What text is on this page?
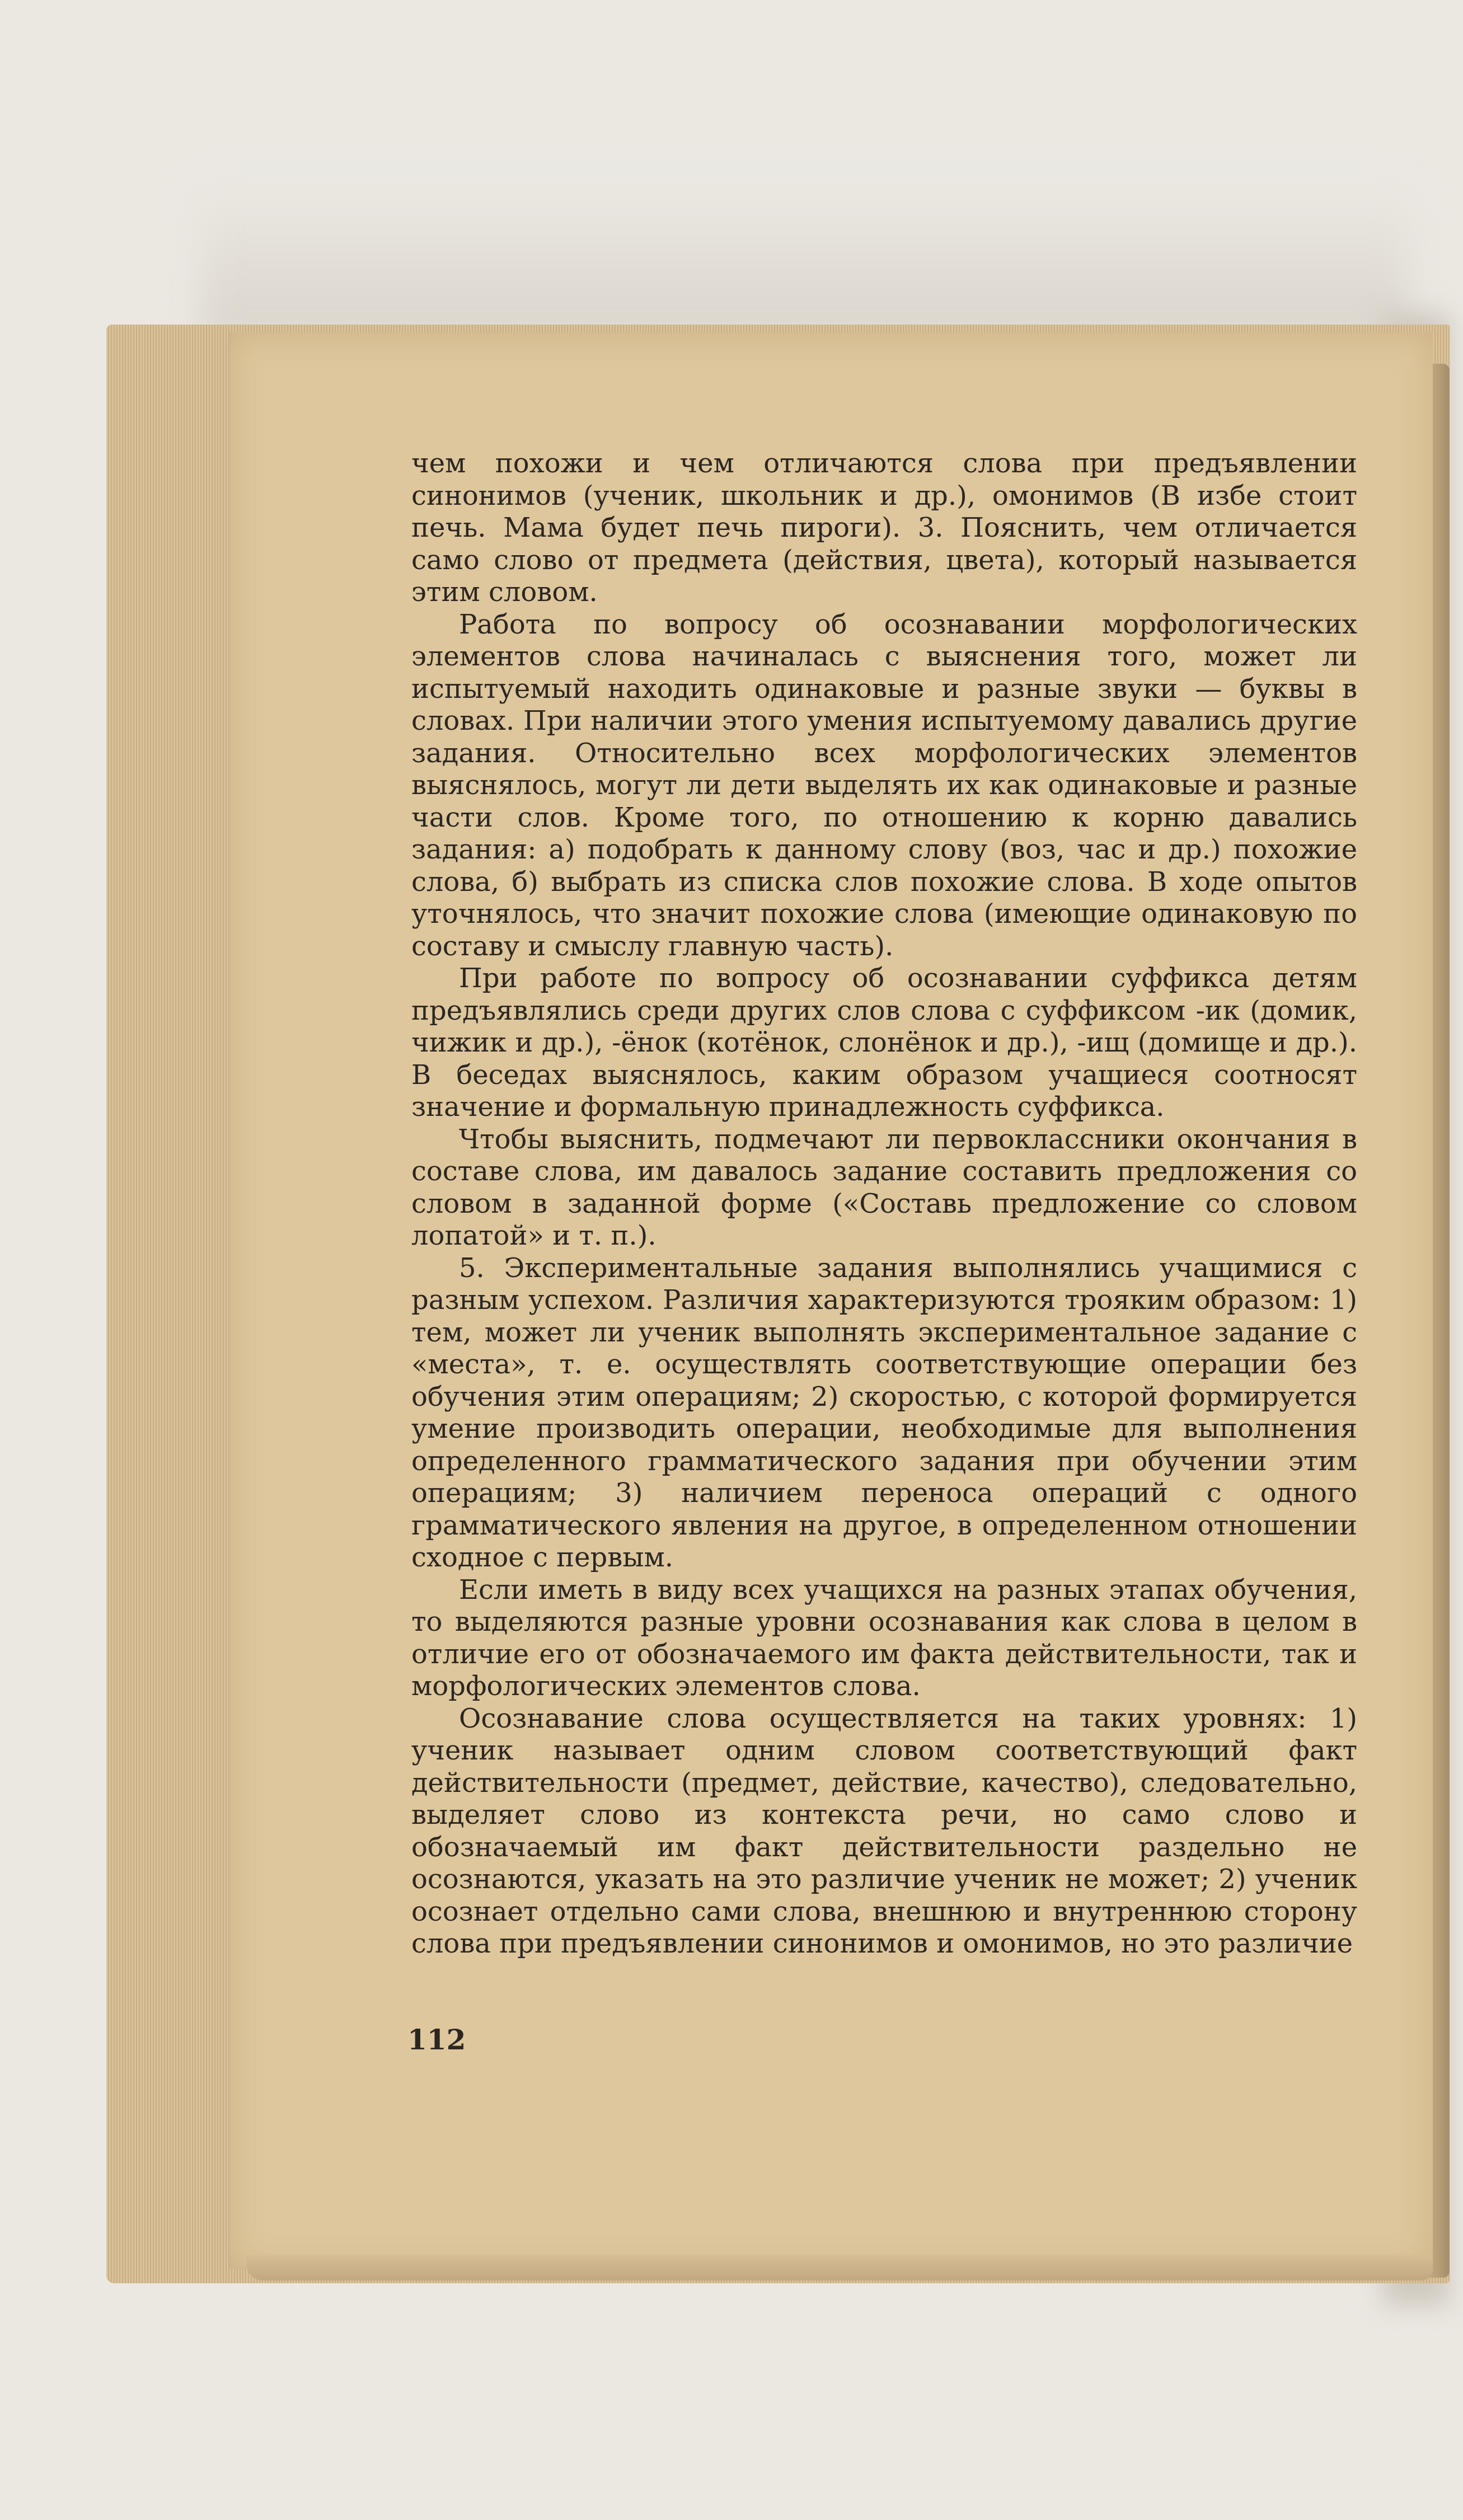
чем похожи и чем отличаются слова при предъявлении синонимов (ученик, школьник и др.), омонимов (В избе стоит печь. Мама будет печь пироги). 3. Пояснить, чем отличается само слово от предмета (действия, цвета), который называется этим словом.

Работа по вопросу об осознавании морфологических элементов слова начиналась с выяснения того, может ли испытуемый находить одинаковые и разные звуки — буквы в словах. При наличии этого умения испытуемому давались другие задания. Относительно всех морфологических элементов выяснялось, могут ли дети выделять их как одинаковые и разные части слов. Кроме того, по отношению к корню давались задания: а) подобрать к данному слову (воз, час и др.) похожие слова, б) выбрать из списка слов похожие слова. В ходе опытов уточнялось, что значит похожие слова (имеющие одинаковую по составу и смыслу главную часть).

При работе по вопросу об осознавании суффикса детям предъявлялись среди других слов слова с суффиксом -ик (домик, чижик и др.), -ёнок (котёнок, слонёнок и др.), -ищ (домище и др.). В беседах выяснялось, каким образом учащиеся соотносят значение и формальную принадлежность суффикса.

Чтобы выяснить, подмечают ли первоклассники окончания в составе слова, им давалось задание составить предложения со словом в заданной форме («Составь предложение со словом лопатой» и т. п.).

5. Экспериментальные задания выполнялись учащимися с разным успехом. Различия характеризуются трояким образом: 1) тем, может ли ученик выполнять экспериментальное задание с «места», т. е. осуществлять соответствующие операции без обучения этим операциям; 2) скоростью, с которой формируется умение производить операции, необходимые для выполнения определенного грамматического задания при обучении этим операциям; 3) наличием переноса операций с одного грамматического явления на другое, в определенном отношении сходное с первым.

Если иметь в виду всех учащихся на разных этапах обучения, то выделяются разные уровни осознавания как слова в целом в отличие его от обозначаемого им факта действительности, так и морфологических элементов слова.

Осознавание слова осуществляется на таких уровнях: 1) ученик называет одним словом соответствующий факт действительности (предмет, действие, качество), следовательно, выделяет слово из контекста речи, но само слово и обозначаемый им факт действительности раздельно не осознаются, указать на это различие ученик не может; 2) ученик осознает отдельно сами слова, внешнюю и внутреннюю сторону слова при предъявлении синонимов и омонимов, но это различие

112
